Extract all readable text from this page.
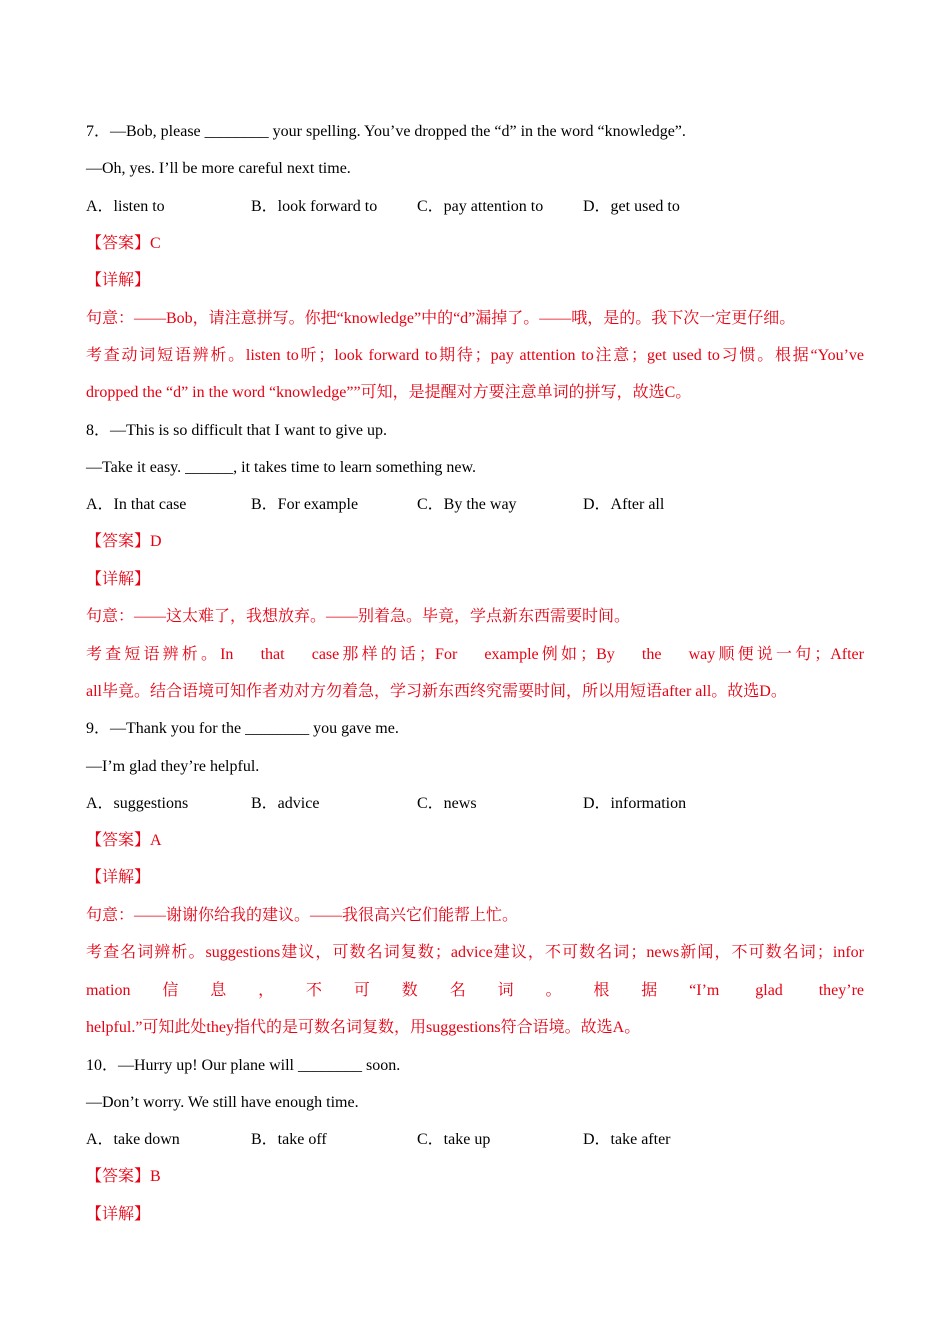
7．—Bob, please ________ your spelling. You’ve dropped the “d” in the word “knowledge”.
—Oh, yes. I’ll be more careful next time.
A．listen to	B．look forward to C．pay attention to D．get used to
【答案】C
【详解】
句意：——Bob，请注意拼写。你把“knowledge”中的“d”漏掉了。——哦，是的。我下次一定更仔细。
考查动词短语辨析。listen to听；look forward to期待；pay attention to注意；get used to习惯。根据“You’ve
dropped the “d” in the word “knowledge””可知，是提醒对方要注意单词的拼写，故选C。
8．—This is so difficult that I want to give up.
—Take it easy. ______, it takes time to learn something new.
A．In that case	B．For example	C．By the way	D．After all
【答案】D
【详解】
句意：——这太难了，我想放弃。——别着急。毕竟，学点新东西需要时间。
考查短语辨析。In that case那样的话；For example例如；By the way顺便说一句；After
all毕竟。结合语境可知作者劝对方勿着急，学习新东西终究需要时间，所以用短语after all。故选D。
9．—Thank you for the ________ you gave me.
—I’m glad they’re helpful.
A．suggestions	B．advice	C．news	D．information
【答案】A
【详解】
句意：——谢谢你给我的建议。——我很高兴它们能帮上忙。
考查名词辨析。suggestions建议，可数名词复数；advice建议，不可数名词；news新闻，不可数名词；infor
mation信息，不可数名词。根据“I’m glad they’re
helpful.”可知此处they指代的是可数名词复数，用suggestions符合语境。故选A。
10．—Hurry up! Our plane will ________ soon.
—Don’t worry. We still have enough time.
A．take down	B．take off	C．take up	D．take after
【答案】B
【详解】
